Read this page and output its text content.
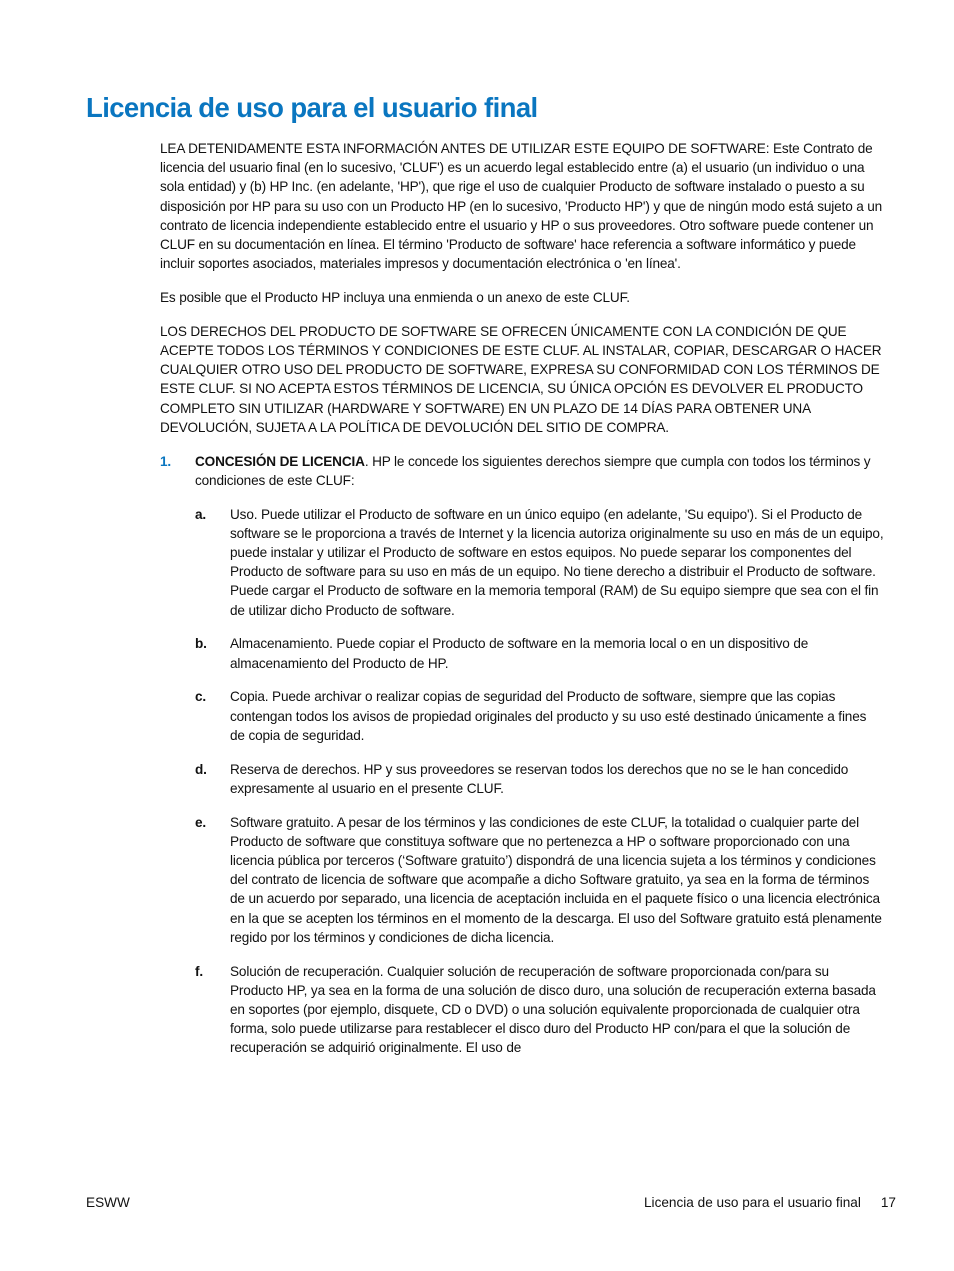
Licencia de uso para el usuario final

LEA DETENIDAMENTE ESTA INFORMACIÓN ANTES DE UTILIZAR ESTE EQUIPO DE SOFTWARE: Este Contrato de licencia del usuario final (en lo sucesivo, 'CLUF') es un acuerdo legal establecido entre (a) el usuario (un individuo o una sola entidad) y (b) HP Inc. (en adelante, 'HP'), que rige el uso de cualquier Producto de software instalado o puesto a su disposición por HP para su uso con un Producto HP (en lo sucesivo, 'Producto HP') y que de ningún modo está sujeto a un contrato de licencia independiente establecido entre el usuario y HP o sus proveedores. Otro software puede contener un CLUF en su documentación en línea. El término 'Producto de software' hace referencia a software informático y puede incluir soportes asociados, materiales impresos y documentación electrónica o 'en línea'.

Es posible que el Producto HP incluya una enmienda o un anexo de este CLUF.

LOS DERECHOS DEL PRODUCTO DE SOFTWARE SE OFRECEN ÚNICAMENTE CON LA CONDICIÓN DE QUE ACEPTE TODOS LOS TÉRMINOS Y CONDICIONES DE ESTE CLUF. AL INSTALAR, COPIAR, DESCARGAR O HACER CUALQUIER OTRO USO DEL PRODUCTO DE SOFTWARE, EXPRESA SU CONFORMIDAD CON LOS TÉRMINOS DE ESTE CLUF. SI NO ACEPTA ESTOS TÉRMINOS DE LICENCIA, SU ÚNICA OPCIÓN ES DEVOLVER EL PRODUCTO COMPLETO SIN UTILIZAR (HARDWARE Y SOFTWARE) EN UN PLAZO DE 14 DÍAS PARA OBTENER UNA DEVOLUCIÓN, SUJETA A LA POLÍTICA DE DEVOLUCIÓN DEL SITIO DE COMPRA.

1.	CONCESIÓN DE LICENCIA. HP le concede los siguientes derechos siempre que cumpla con todos los términos y condiciones de este CLUF:

a.	Uso. Puede utilizar el Producto de software en un único equipo (en adelante, 'Su equipo'). Si el Producto de software se le proporciona a través de Internet y la licencia autoriza originalmente su uso en más de un equipo, puede instalar y utilizar el Producto de software en estos equipos. No puede separar los componentes del Producto de software para su uso en más de un equipo. No tiene derecho a distribuir el Producto de software. Puede cargar el Producto de software en la memoria temporal (RAM) de Su equipo siempre que sea con el fin de utilizar dicho Producto de software.
b.	Almacenamiento. Puede copiar el Producto de software en la memoria local o en un dispositivo de almacenamiento del Producto de HP.
c.	Copia. Puede archivar o realizar copias de seguridad del Producto de software, siempre que las copias contengan todos los avisos de propiedad originales del producto y su uso esté destinado únicamente a fines de copia de seguridad.
d.	Reserva de derechos. HP y sus proveedores se reservan todos los derechos que no se le han concedido expresamente al usuario en el presente CLUF.
e.	Software gratuito. A pesar de los términos y las condiciones de este CLUF, la totalidad o cualquier parte del Producto de software que constituya software que no pertenezca a HP o software proporcionado con una licencia pública por terceros (‘Software gratuito’) dispondrá de una licencia sujeta a los términos y condiciones del contrato de licencia de software que acompañe a dicho Software gratuito, ya sea en la forma de términos de un acuerdo por separado, una licencia de aceptación incluida en el paquete físico o una licencia electrónica en la que se acepten los términos en el momento de la descarga. El uso del Software gratuito está plenamente regido por los términos y condiciones de dicha licencia.
f.	Solución de recuperación. Cualquier solución de recuperación de software proporcionada con/para su Producto HP, ya sea en la forma de una solución de disco duro, una solución de recuperación externa basada en soportes (por ejemplo, disquete, CD o DVD) o una solución equivalente proporcionada de cualquier otra forma, solo puede utilizarse para restablecer el disco duro del Producto HP con/para el que la solución de recuperación se adquirió originalmente. El uso de
ESWW	Licencia de uso para el usuario final 17
